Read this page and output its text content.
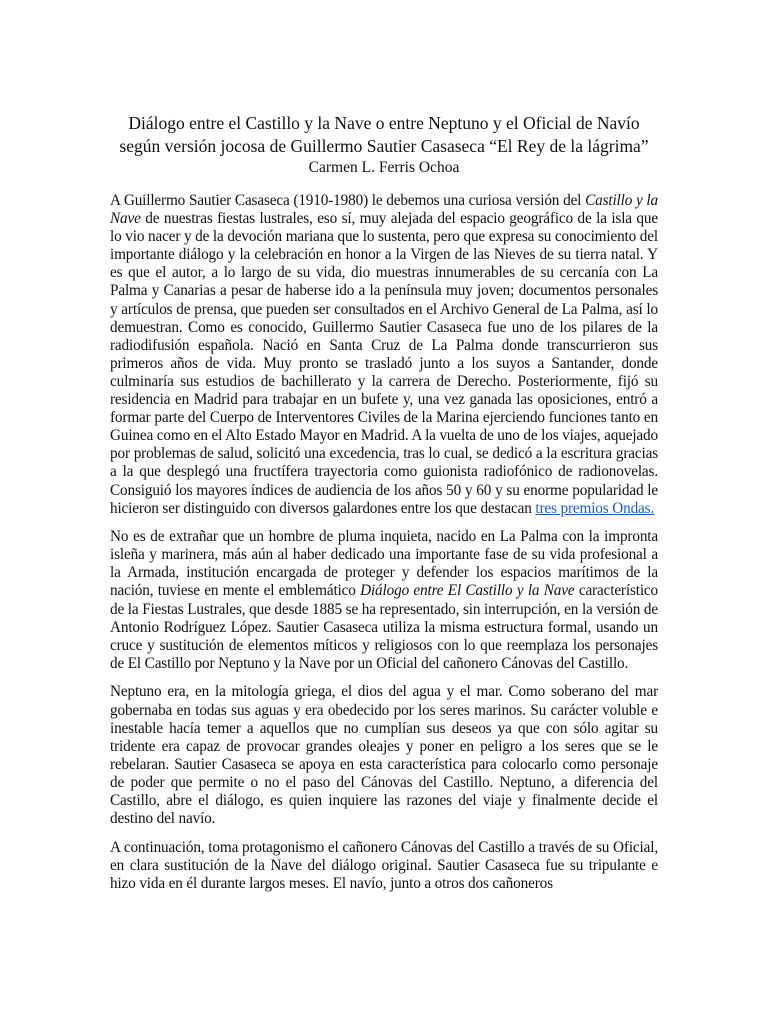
Diálogo entre el Castillo y la Nave o entre Neptuno y el Oficial de Navío

según versión jocosa de Guillermo Sautier Casaseca “El Rey de la lágrima”

Carmen L. Ferris Ochoa

A Guillermo Sautier Casaseca (1910-1980) le debemos una curiosa versión del Castillo y la Nave de nuestras fiestas lustrales, eso sí, muy alejada del espacio geográfico de la isla que lo vio nacer y de la devoción mariana que lo sustenta, pero que expresa su conocimiento del importante diálogo y la celebración en honor a la Virgen de las Nieves de su tierra natal. Y es que el autor, a lo largo de su vida, dio muestras innumerables de su cercanía con La Palma y Canarias a pesar de haberse ido a la península muy joven; documentos personales y artículos de prensa, que pueden ser consultados en el Archivo General de La Palma, así lo demuestran. Como es conocido, Guillermo Sautier Casaseca fue uno de los pilares de la radiodifusión española. Nació en Santa Cruz de La Palma donde transcurrieron sus primeros años de vida. Muy pronto se trasladó junto a los suyos a Santander, donde culminaría sus estudios de bachillerato y la carrera de Derecho. Posteriormente, fijó su residencia en Madrid para trabajar en un bufete y, una vez ganada las oposiciones, entró a formar parte del Cuerpo de Interventores Civiles de la Marina ejerciendo funciones tanto en Guinea como en el Alto Estado Mayor en Madrid. A la vuelta de uno de los viajes, aquejado por problemas de salud, solicitó una excedencia, tras lo cual, se dedicó a la escritura gracias a la que desplegó una fructífera trayectoria como guionista radiofónico de radionovelas. Consiguió los mayores índices de audiencia de los años 50 y 60 y su enorme popularidad le hicieron ser distinguido con diversos galardones entre los que destacan tres premios Ondas.

No es de extrañar que un hombre de pluma inquieta, nacido en La Palma con la impronta isleña y marinera, más aún al haber dedicado una importante fase de su vida profesional a la Armada, institución encargada de proteger y defender los espacios marítimos de la nación, tuviese en mente el emblemático Diálogo entre El Castillo y la Nave característico de la Fiestas Lustrales, que desde 1885 se ha representado, sin interrupción, en la versión de Antonio Rodríguez López. Sautier Casaseca utiliza la misma estructura formal, usando un cruce y sustitución de elementos míticos y religiosos con lo que reemplaza los personajes de El Castillo por Neptuno y la Nave por un Oficial del cañonero Cánovas del Castillo.

Neptuno era, en la mitología griega, el dios del agua y el mar. Como soberano del mar gobernaba en todas sus aguas y era obedecido por los seres marinos. Su carácter voluble e inestable hacía temer a aquellos que no cumplían sus deseos ya que con sólo agitar su tridente era capaz de provocar grandes oleajes y poner en peligro a los seres que se le rebelaran. Sautier Casaseca se apoya en esta característica para colocarlo como personaje de poder que permite o no el paso del Cánovas del Castillo. Neptuno, a diferencia del Castillo, abre el diálogo, es quien inquiere las razones del viaje y finalmente decide el destino del navío.

A continuación, toma protagonismo el cañonero Cánovas del Castillo a través de su Oficial, en clara sustitución de la Nave del diálogo original. Sautier Casaseca fue su tripulante e hizo vida en él durante largos meses. El navío, junto a otros dos cañoneros
